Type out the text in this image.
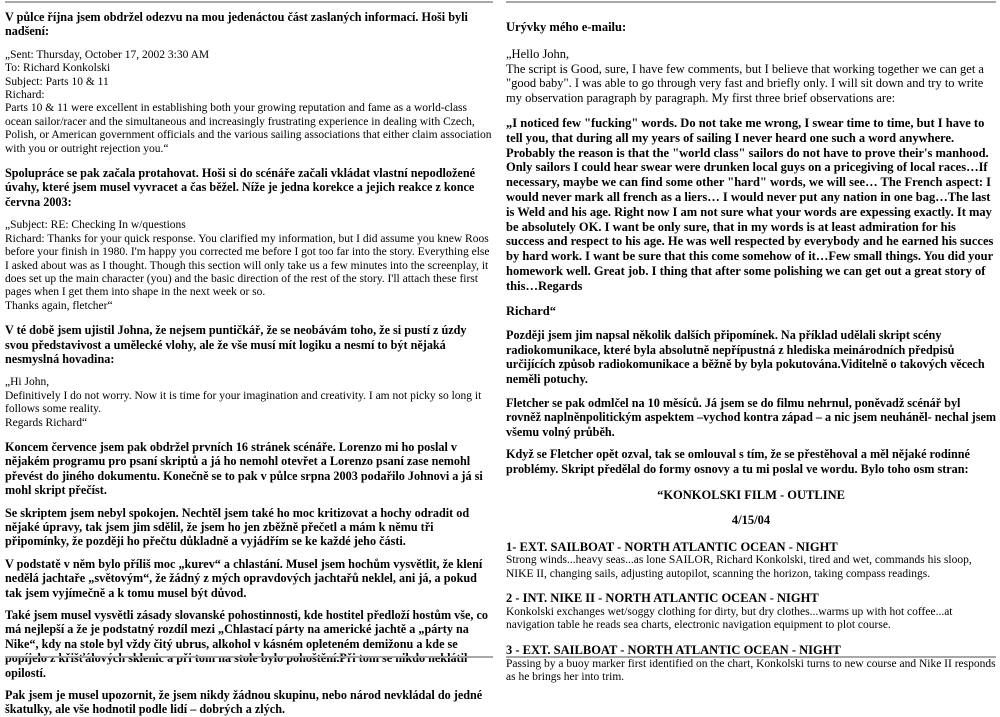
V půlce října jsem obdržel odezvu na mou jedenáctou část zaslaných informací. Hoši byli nadšení:

„Sent: Thursday, October 17, 2002 3:30 AM

To: Richard Konkolski

Subject: Parts 10 & 11

Richard:

Parts 10 & 11 were excellent in establishing both your growing reputation and fame as a world-class ocean sailor/racer and the simultaneous and increasingly frustrating experience in dealing with Czech, Polish, or American government officials and the various sailing associations that either claim association with you or outright rejection you.“

Spolupráce se pak začala protahovat. Hoši si do scénáře začali vkládat vlastní nepodložené úvahy, které jsem musel vyvracet a čas běžel. Níže je jedna korekce a jejich reakce z konce června 2003:

„Subject: RE: Checking In w/questions

Richard: Thanks for your quick response. You clarified my information, but I did assume you knew Roos before your finish in 1980. I'm happy you corrected me before I got too far into the story. Everything else I asked about was as I thought. Though this section will only take us a few minutes into the screenplay, it does set up the main character (you) and the basic direction of the rest of the story. I'll attach these first pages when I get them into shape in the next week or so.

Thanks again, fletcher“

V té době jsem ujistil Johna, že nejsem puntičkář, že se neobávám toho, že si pustí z úzdy svou představivost a umělecké vlohy, ale že vše musí mít logiku a nesmí to být nějaká nesmyslná hovadina:

„Hi John,

Definitively I do not worry. Now it is time for your imagination and creativity. I am not picky so long it follows some reality.

Regards Richard“

Koncem července jsem pak obdržel prvních 16 stránek scénáře. Lorenzo mi ho poslal v nějakém programu pro psaní skriptů a já ho nemohl otevřet a Lorenzo psaní zase nemohl převést do jiného dokumentu. Konečně se to pak v půlce srpna 2003 podařilo Johnovi a já si mohl skript přečíst.

Se skriptem jsem nebyl spokojen. Nechtěl jsem také ho moc kritizovat a hochy odradit od nějaké úpravy, tak jsem jim sdělil, že jsem ho jen zběžně přečetl a mám k němu tři připomínky, že později ho přečtu důkladně a vyjádřím se ke každé jeho části.

V podstatě v něm bylo příliš moc „kurev“ a chlastání. Musel jsem hochům vysvětlit, že klení nedělá jachtaře „světovým“, že žádný z mých opravdových jachtařů neklel, ani já, a pokud tak jsem vyjímečně a k tomu musel být důvod.

Také jsem musel vysvětli zásady slovanské pohostinnosti, kde hostitel předloží hostům vše, co má nejlepší a že je podstatný rozdíl mezi „Chlastací párty na americké jachtě a „párty na Nike“, kdy na stole byl vždy čitý ubrus, alkohol v kásném opleteném demižonu a kde se popíjelo z křišťálových sklenic a při tom na stole bylo pohoštění.Při tom se nikdo neklátil opilostí.

Pak jsem je musel upozornit, že jsem nikdy žádnou skupinu, nebo národ nevkládal do jedné škatulky, ale vše hodnotil podle lidí – dobrých a zlých.

Urývky mého e-mailu:

„Hello John,

The script is Good, sure, I have few comments, but I believe that working together we can get a "good baby". I was able to go through very fast and briefly only. I will sit down and try to write my observation paragraph by paragraph. My first three brief observations are:

„I noticed few "fucking" words. Do not take me wrong, I swear time to time, but I have to tell you, that during all my years of sailing I never heard one such a word anywhere. Probably the reason is that the "world class" sailors do not have to prove their's manhood. Only sailors I could hear swear were drunken local guys on a pricegiving of local races…If necessary, maybe we can find some other "hard" words, we will see… The French aspect: I would never mark all french as a liers… I would never put any nation in one bag…The last is Weld and his age. Right now I am not sure what your words are expessing exactly. It may be absolutely OK. I want be only sure, that in my words is at least admiration for his success and respect to his age. He was well respected by everybody and he earned his succes by hard work. I want be sure that this come somehow of it…Few small things. You did your homework well. Great job. I thing that after some polishing we can get out a great story of this…Regards

Richard“

Později jsem jim napsal několik dalších připomínek. Na příklad udělali skript scény radiokomunikace, které byla absolutně nepřípustná z hlediska meinárodních předpisů určijících způsob radiokomunikace a běžně by byla pokutována.Viditelně o takových věcech neměli potuchy.

Fletcher se pak odmlčel na 10 měsíců. Já jsem se do filmu nehrnul, poněvadž scénář byl rovněž naplněnpolitickým aspektem –vychod kontra západ – a nic jsem neuháněl- nechal jsem všemu volný průběh.

Když se Fletcher opět ozval, tak se omlouval s tím, že se přestěhoval a měl nějaké rodinné problémy. Skript předělal do formy osnovy a tu mi poslal ve wordu. Bylo toho osm stran:

“KONKOLSKI FILM - OUTLINE

4/15/04

1- EXT. SAILBOAT - NORTH ATLANTIC OCEAN - NIGHT

Strong winds...heavy seas...as lone SAILOR, Richard Konkolski, tired and wet, commands his sloop, NIKE II, changing sails, adjusting autopilot, scanning the horizon, taking compass readings.

2 - INT. NIKE II - NORTH ATLANTIC OCEAN - NIGHT

Konkolski exchanges wet/soggy clothing for dirty, but dry clothes...warms up with hot coffee...at navigation table he reads sea charts, electronic navigation equipment to plot course.

3 - EXT. SAILBOAT - NORTH ATLANTIC OCEAN - NIGHT

Passing by a buoy marker first identified on the chart, Konkolski turns to new course and Nike II responds as he brings her into trim.
